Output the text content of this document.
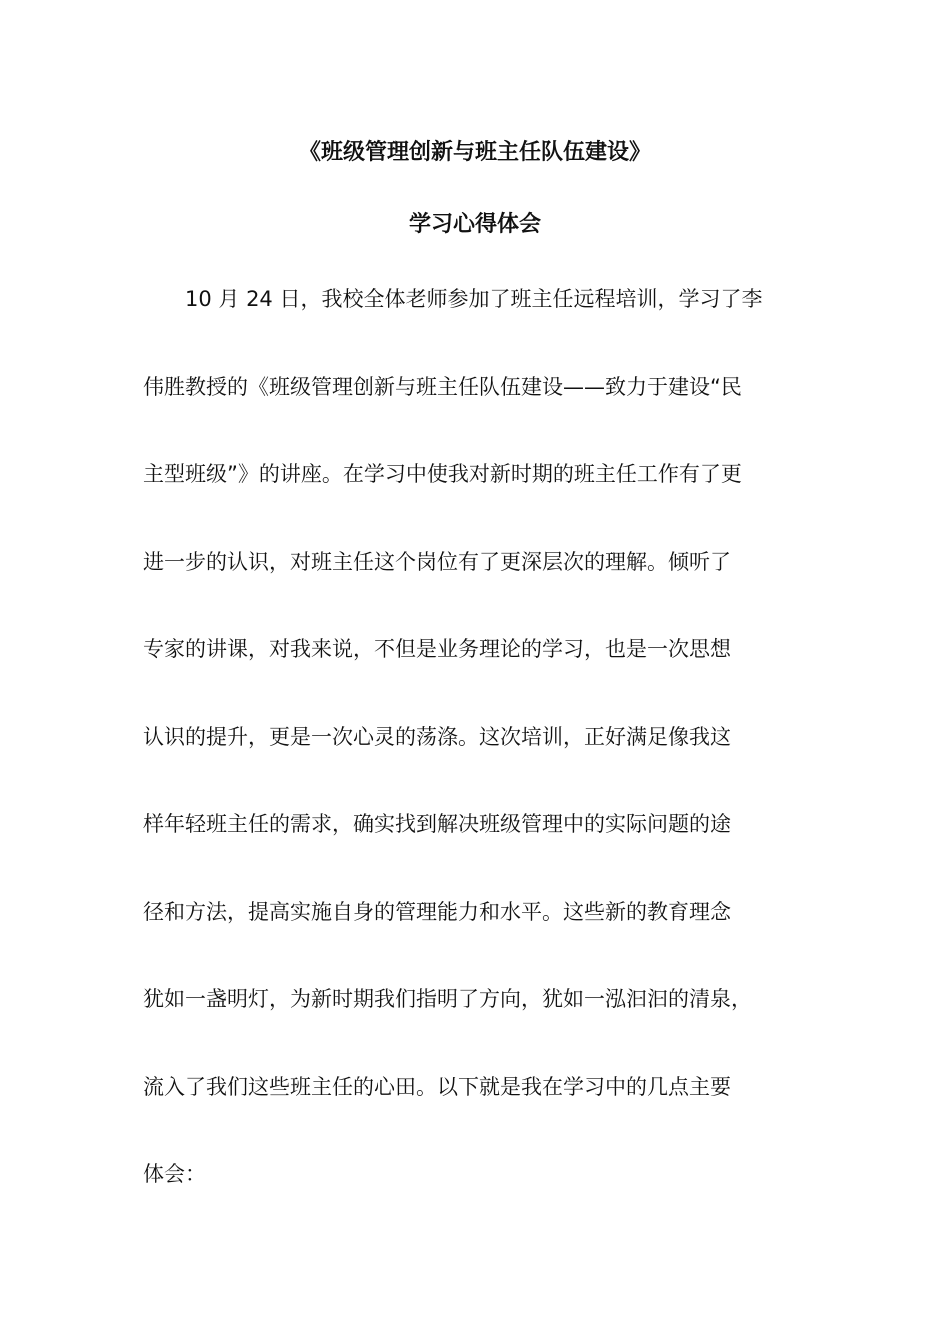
《班级管理创新与班主任队伍建设》
学习心得体会
10 月 24 日，我校全体老师参加了班主任远程培训，学习了李
伟胜教授的《班级管理创新与班主任队伍建设——致力于建设“民
主型班级”》的讲座。在学习中使我对新时期的班主任工作有了更
进一步的认识，对班主任这个岗位有了更深层次的理解。倾听了
专家的讲课，对我来说，不但是业务理论的学习，也是一次思想
认识的提升，更是一次心灵的荡涤。这次培训，正好满足像我这
样年轻班主任的需求，确实找到解决班级管理中的实际问题的途
径和方法，提高实施自身的管理能力和水平。这些新的教育理念
犹如一盏明灯，为新时期我们指明了方向，犹如一泓汩汩的清泉，
流入了我们这些班主任的心田。以下就是我在学习中的几点主要
体会：
